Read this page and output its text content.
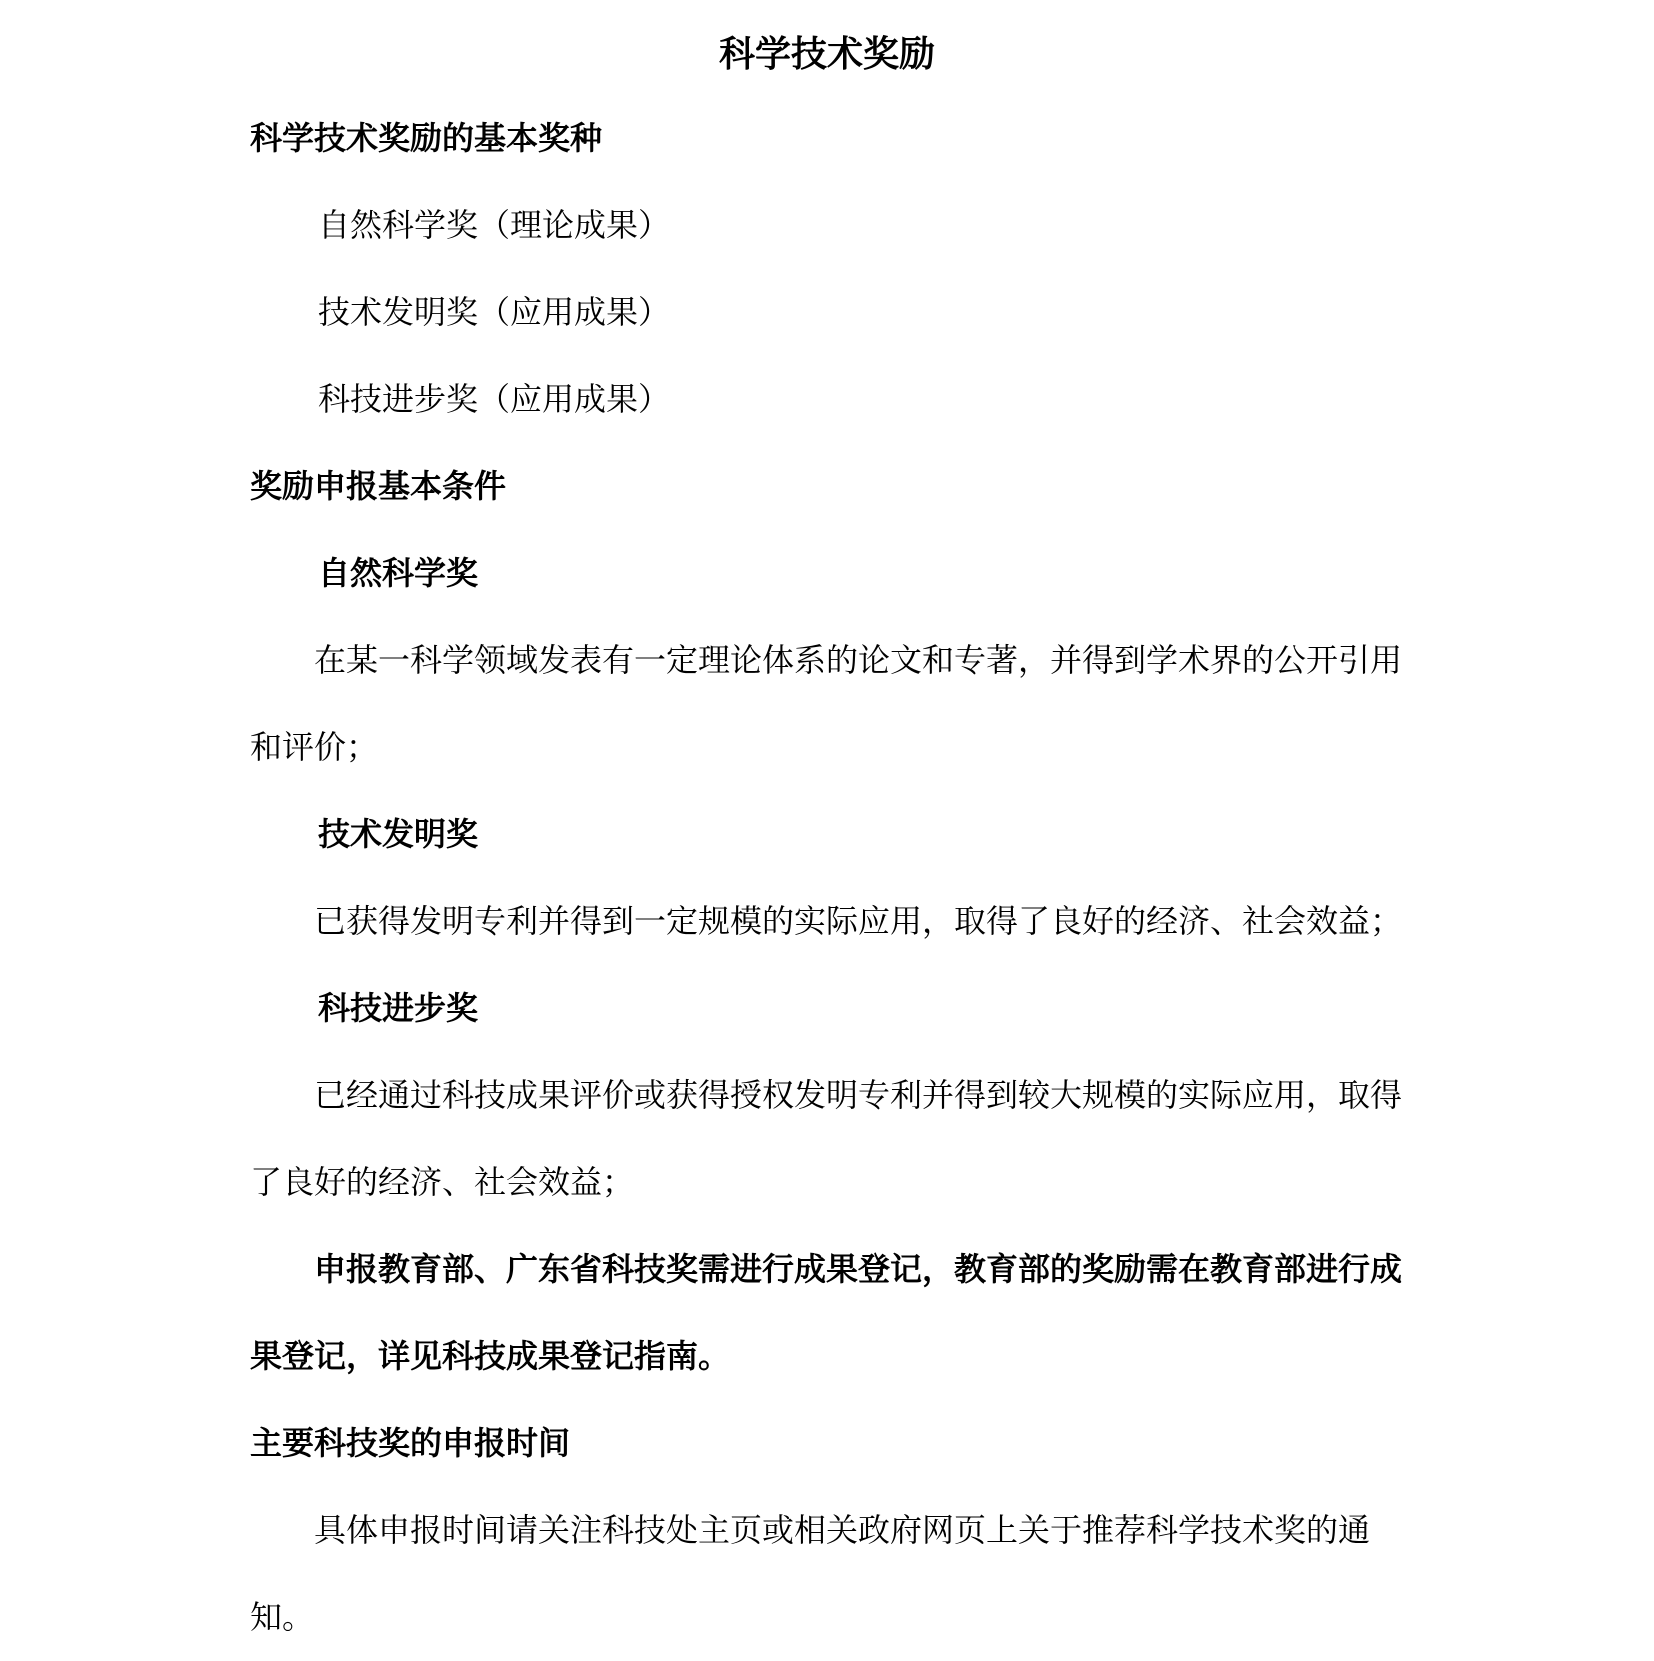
科学技术奖励
科学技术奖励的基本奖种
自然科学奖（理论成果）
技术发明奖（应用成果）
科技进步奖（应用成果）
奖励申报基本条件
自然科学奖
在某一科学领域发表有一定理论体系的论文和专著，并得到学术界的公开引用和评价；
技术发明奖
已获得发明专利并得到一定规模的实际应用，取得了良好的经济、社会效益；
科技进步奖
已经通过科技成果评价或获得授权发明专利并得到较大规模的实际应用，取得了良好的经济、社会效益；
申报教育部、广东省科技奖需进行成果登记，教育部的奖励需在教育部进行成果登记，详见科技成果登记指南。
主要科技奖的申报时间
具体申报时间请关注科技处主页或相关政府网页上关于推荐科学技术奖的通知。
